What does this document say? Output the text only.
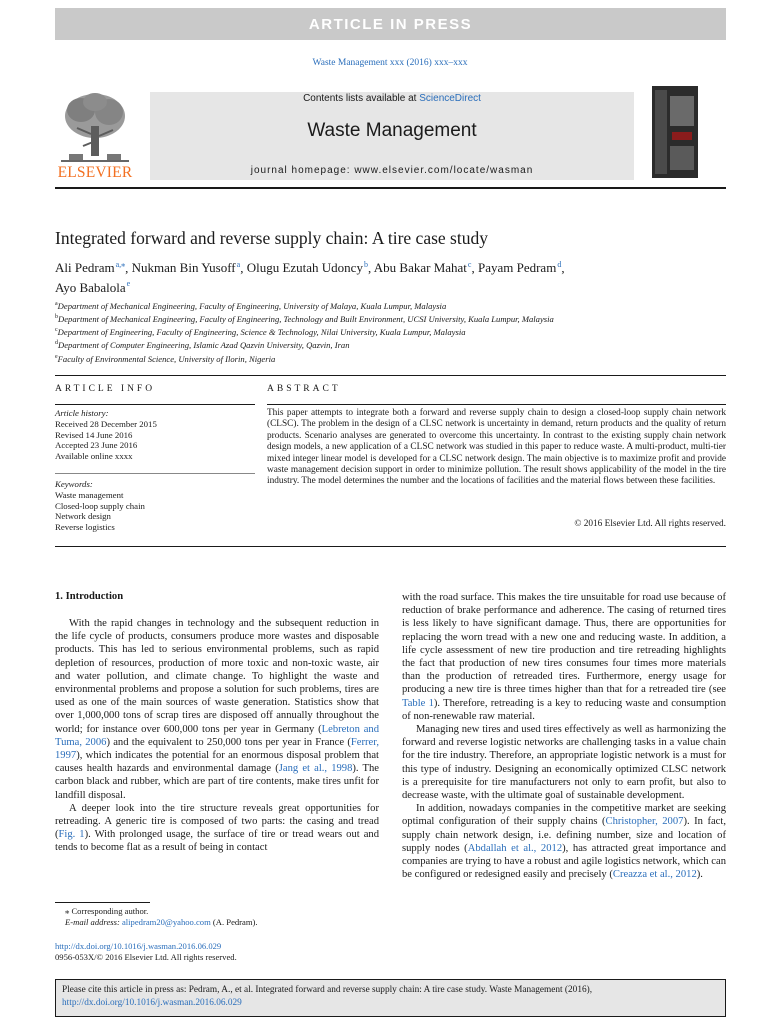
ARTICLE IN PRESS
Waste Management xxx (2016) xxx–xxx
ELSEVIER
Contents lists available at ScienceDirect
Waste Management
journal homepage: www.elsevier.com/locate/wasman
Integrated forward and reverse supply chain: A tire case study
Ali Pedram$^{a,⁎}$, Nukman Bin Yusoff$^a$, Olugu Ezutah Udoncy$^b$, Abu Bakar Mahat$^c$, Payam Pedram$^d$,
Ayo Babalola$^e$
$^a$Department of Mechanical Engineering, Faculty of Engineering, University of Malaya, Kuala Lumpur, Malaysia
$^b$Department of Mechanical Engineering, Faculty of Engineering, Technology and Built Environment, UCSI University, Kuala Lumpur, Malaysia
$^c$Department of Engineering, Faculty of Engineering, Science & Technology, Nilai University, Kuala Lumpur, Malaysia
$^d$Department of Computer Engineering, Islamic Azad Qazvin University, Qazvin, Iran
$^e$Faculty of Environmental Science, University of Ilorin, Nigeria
ARTICLE INFO	ABSTRACT
Article history:
Received 28 December 2015
Revised 14 June 2016
Accepted 23 June 2016
Available online xxxx
Keywords:
Waste management
Closed-loop supply chain
Network design
Reverse logistics
This paper attempts to integrate both a forward and reverse supply chain to design a closed-loop supply chain network (CLSC). The problem in the design of a CLSC network is uncertainty in demand, return products and the quality of return products. Scenario analyses are generated to overcome this uncertainty. In contrast to the existing supply chain network design models, a new application of a CLSC network was studied in this paper to reduce waste. A multi-product, multi-tier mixed integer linear model is developed for a CLSC network design. The main objective is to maximize profit and provide waste management decision support in order to minimize pollution. The result shows applicability of the model in the tire industry. The model determines the number and the locations of facilities and the material flows between these facilities.
© 2016 Elsevier Ltd. All rights reserved.
1. Introduction

With the rapid changes in technology and the subsequent reduction in the life cycle of products, consumers produce more wastes and disposable products. This has led to serious environmental problems, such as rapid depletion of resources, production of more toxic and non-toxic waste, air and water pollution, and climate change. To highlight the waste and environmental problems and propose a solution for such problems, tires are used as one of the main sources of waste generation. Statistics show that over 1,000,000 tons of scrap tires are disposed off annually throughout the world; for instance over 600,000 tons per year in Germany (Lebreton and Tuma, 2006) and the equivalent to 250,000 tons per year in France (Ferrer, 1997), which indicates the potential for an enormous disposal problem that causes health hazards and environmental damage (Jang et al., 1998). The carbon black and rubber, which are part of tire contents, make tires unfit for landfill disposal.

A deeper look into the tire structure reveals great opportunities for retreading. A generic tire is composed of two parts: the casing and tread (Fig. 1). With prolonged usage, the surface of tire or tread wears out and tends to become flat as a result of being in contact

with the road surface. This makes the tire unsuitable for road use because of reduction of brake performance and adherence. The casing of returned tires is less likely to have significant damage. Thus, there are opportunities for replacing the worn tread with a new one and reducing waste. In addition, a life cycle assessment of new tire production and tire retreading highlights the fact that production of new tires consumes four times more materials than the production of retreaded tires. Furthermore, energy usage for producing a new tire is three times higher than that for a retreaded tire (see Table 1). Therefore, retreading is a key to reducing waste and consumption of non-renewable raw material.

Managing new tires and used tires effectively as well as harmonizing the forward and reverse logistic networks are challenging tasks in a value chain for the tire industry. Therefore, an appropriate logistic network is a must for this type of industry. Designing an economically optimized CLSC network is a prerequisite for tire manufacturers not only to earn profit, but also to decrease waste, with the ultimate goal of sustainable development.

In addition, nowadays companies in the competitive market are seeking optimal configuration of their supply chains (Christopher, 2007). In fact, supply chain network design, i.e. defining number, size and location of supply nodes (Abdallah et al., 2012), has attracted great importance and companies are trying to have a robust and agile logistics network, which can be configured or redesigned easily and precisely (Creazza et al., 2012).

⁎ Corresponding author.
E-mail address: alipedram20@yahoo.com (A. Pedram).
http://dx.doi.org/10.1016/j.wasman.2016.06.029
0956-053X/© 2016 Elsevier Ltd. All rights reserved.
Please cite this article in press as: Pedram, A., et al. Integrated forward and reverse supply chain: A tire case study. Waste Management (2016), http://dx.doi.org/10.1016/j.wasman.2016.06.029
